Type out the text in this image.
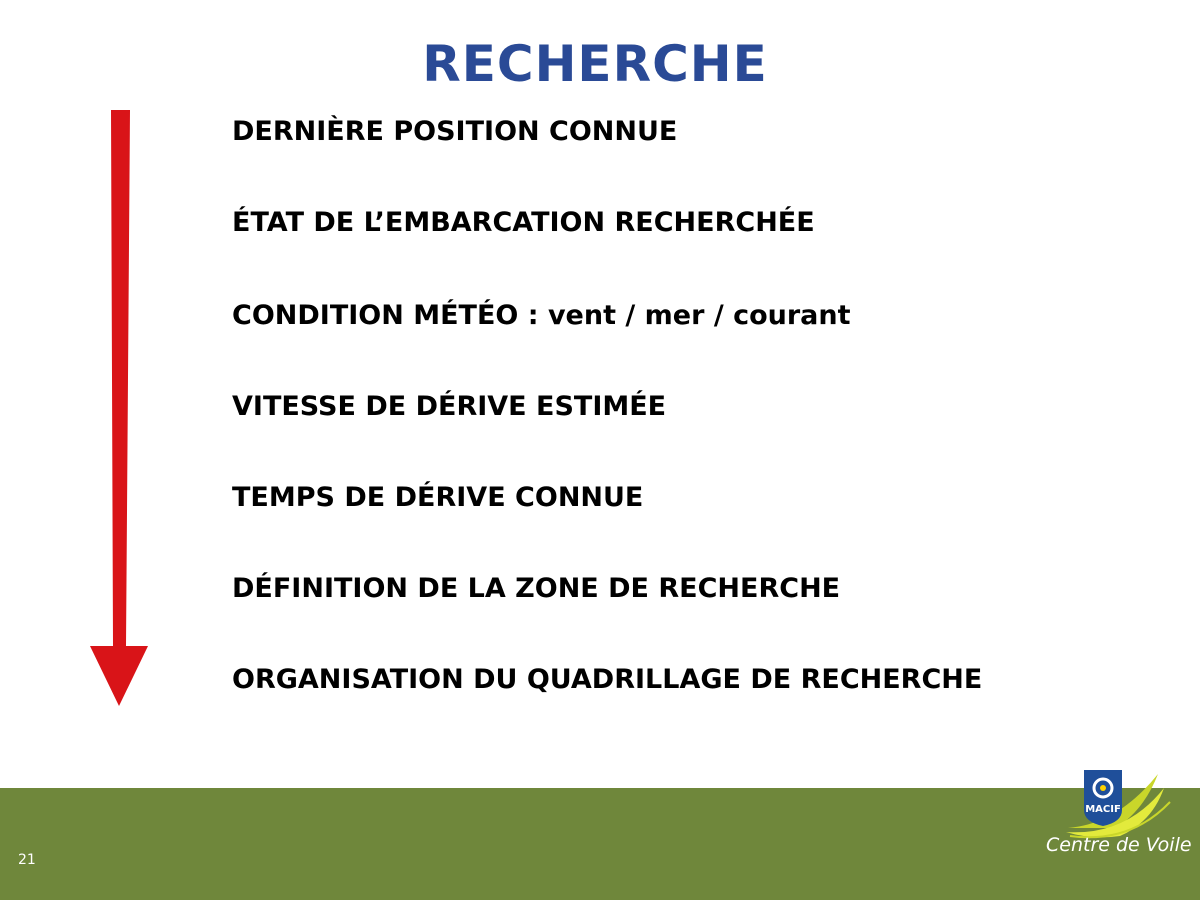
RECHERCHE
DERNIÈRE POSITION CONNUE
ÉTAT DE L’EMBARCATION RECHERCHÉE
CONDITION MÉTÉO : vent / mer / courant
VITESSE DE DÉRIVE ESTIMÉE
TEMPS DE DÉRIVE CONNUE
DÉFINITION DE LA ZONE DE RECHERCHE
ORGANISATION DU QUADRILLAGE DE RECHERCHE
21
MACIF
Centre de Voile
